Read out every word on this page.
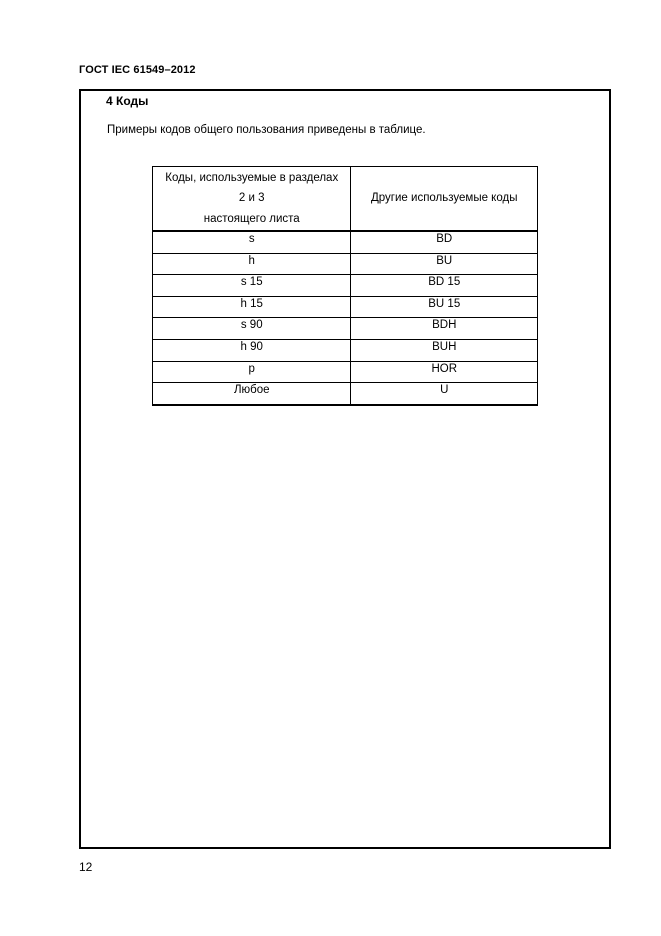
ГОСТ IEC 61549–2012
4 Коды
Примеры кодов общего пользования приведены в таблице.
Коды, используемые в разделах
2 и 3
настоящего листа	Другие используемые коды
s	BD
h	BU
s 15	BD 15
h 15	BU 15
s 90	BDH
h 90	BUH
p	HOR
Любое	U
12
